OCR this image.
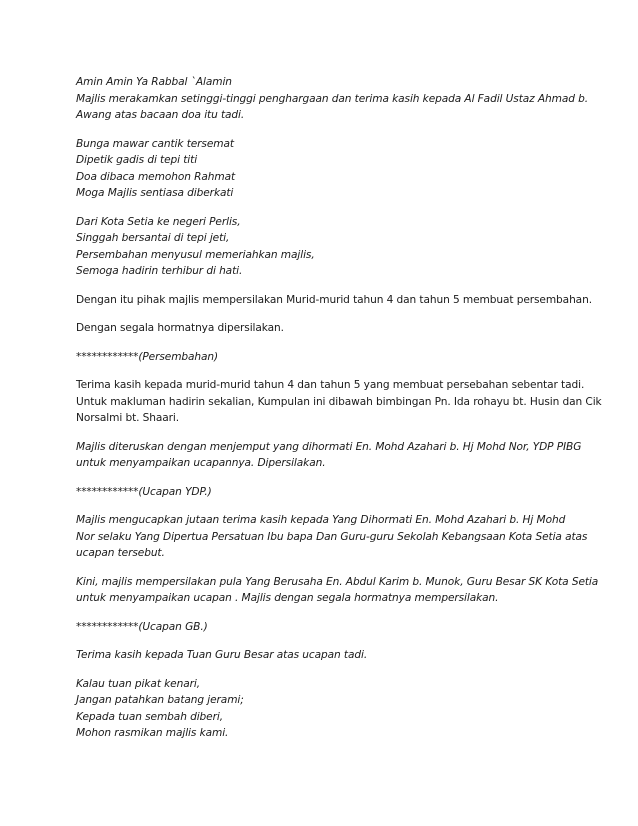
Amin Amin Ya Rabbal `Alamin
Majlis merakamkan setinggi-tinggi penghargaan dan terima kasih kepada Al Fadil Ustaz Ahmad b.
Awang atas bacaan doa itu tadi.

Bunga mawar cantik tersemat
Dipetik gadis di tepi titi
Doa dibaca memohon Rahmat
Moga Majlis sentiasa diberkati

Dari Kota Setia ke negeri Perlis,
Singgah bersantai di tepi jeti,
Persembahan menyusul memeriahkan majlis,
Semoga hadirin terhibur di hati.

Dengan itu pihak majlis mempersilakan Murid-murid tahun 4 dan tahun 5 membuat persembahan.

Dengan segala hormatnya dipersilakan.

************(Persembahan)

Terima kasih kepada murid-murid tahun 4 dan tahun 5 yang membuat persebahan sebentar tadi.
Untuk makluman hadirin sekalian, Kumpulan ini dibawah bimbingan Pn. Ida rohayu bt. Husin dan Cik
Norsalmi bt. Shaari.

Majlis diteruskan dengan menjemput yang dihormati En. Mohd Azahari b. Hj Mohd Nor, YDP PIBG
untuk menyampaikan ucapannya. Dipersilakan.

************(Ucapan YDP.)

Majlis mengucapkan jutaan terima kasih kepada Yang Dihormati En. Mohd Azahari b. Hj Mohd
Nor selaku Yang Dipertua Persatuan Ibu bapa Dan Guru-guru Sekolah Kebangsaan Kota Setia atas
ucapan tersebut.

Kini, majlis mempersilakan pula Yang Berusaha En. Abdul Karim b. Munok, Guru Besar SK Kota Setia
untuk menyampaikan ucapan . Majlis dengan segala hormatnya mempersilakan.

************(Ucapan GB.)

Terima kasih kepada Tuan Guru Besar atas ucapan tadi.

Kalau tuan pikat kenari,
Jangan patahkan batang jerami;
Kepada tuan sembah diberi,
Mohon rasmikan majlis kami.
